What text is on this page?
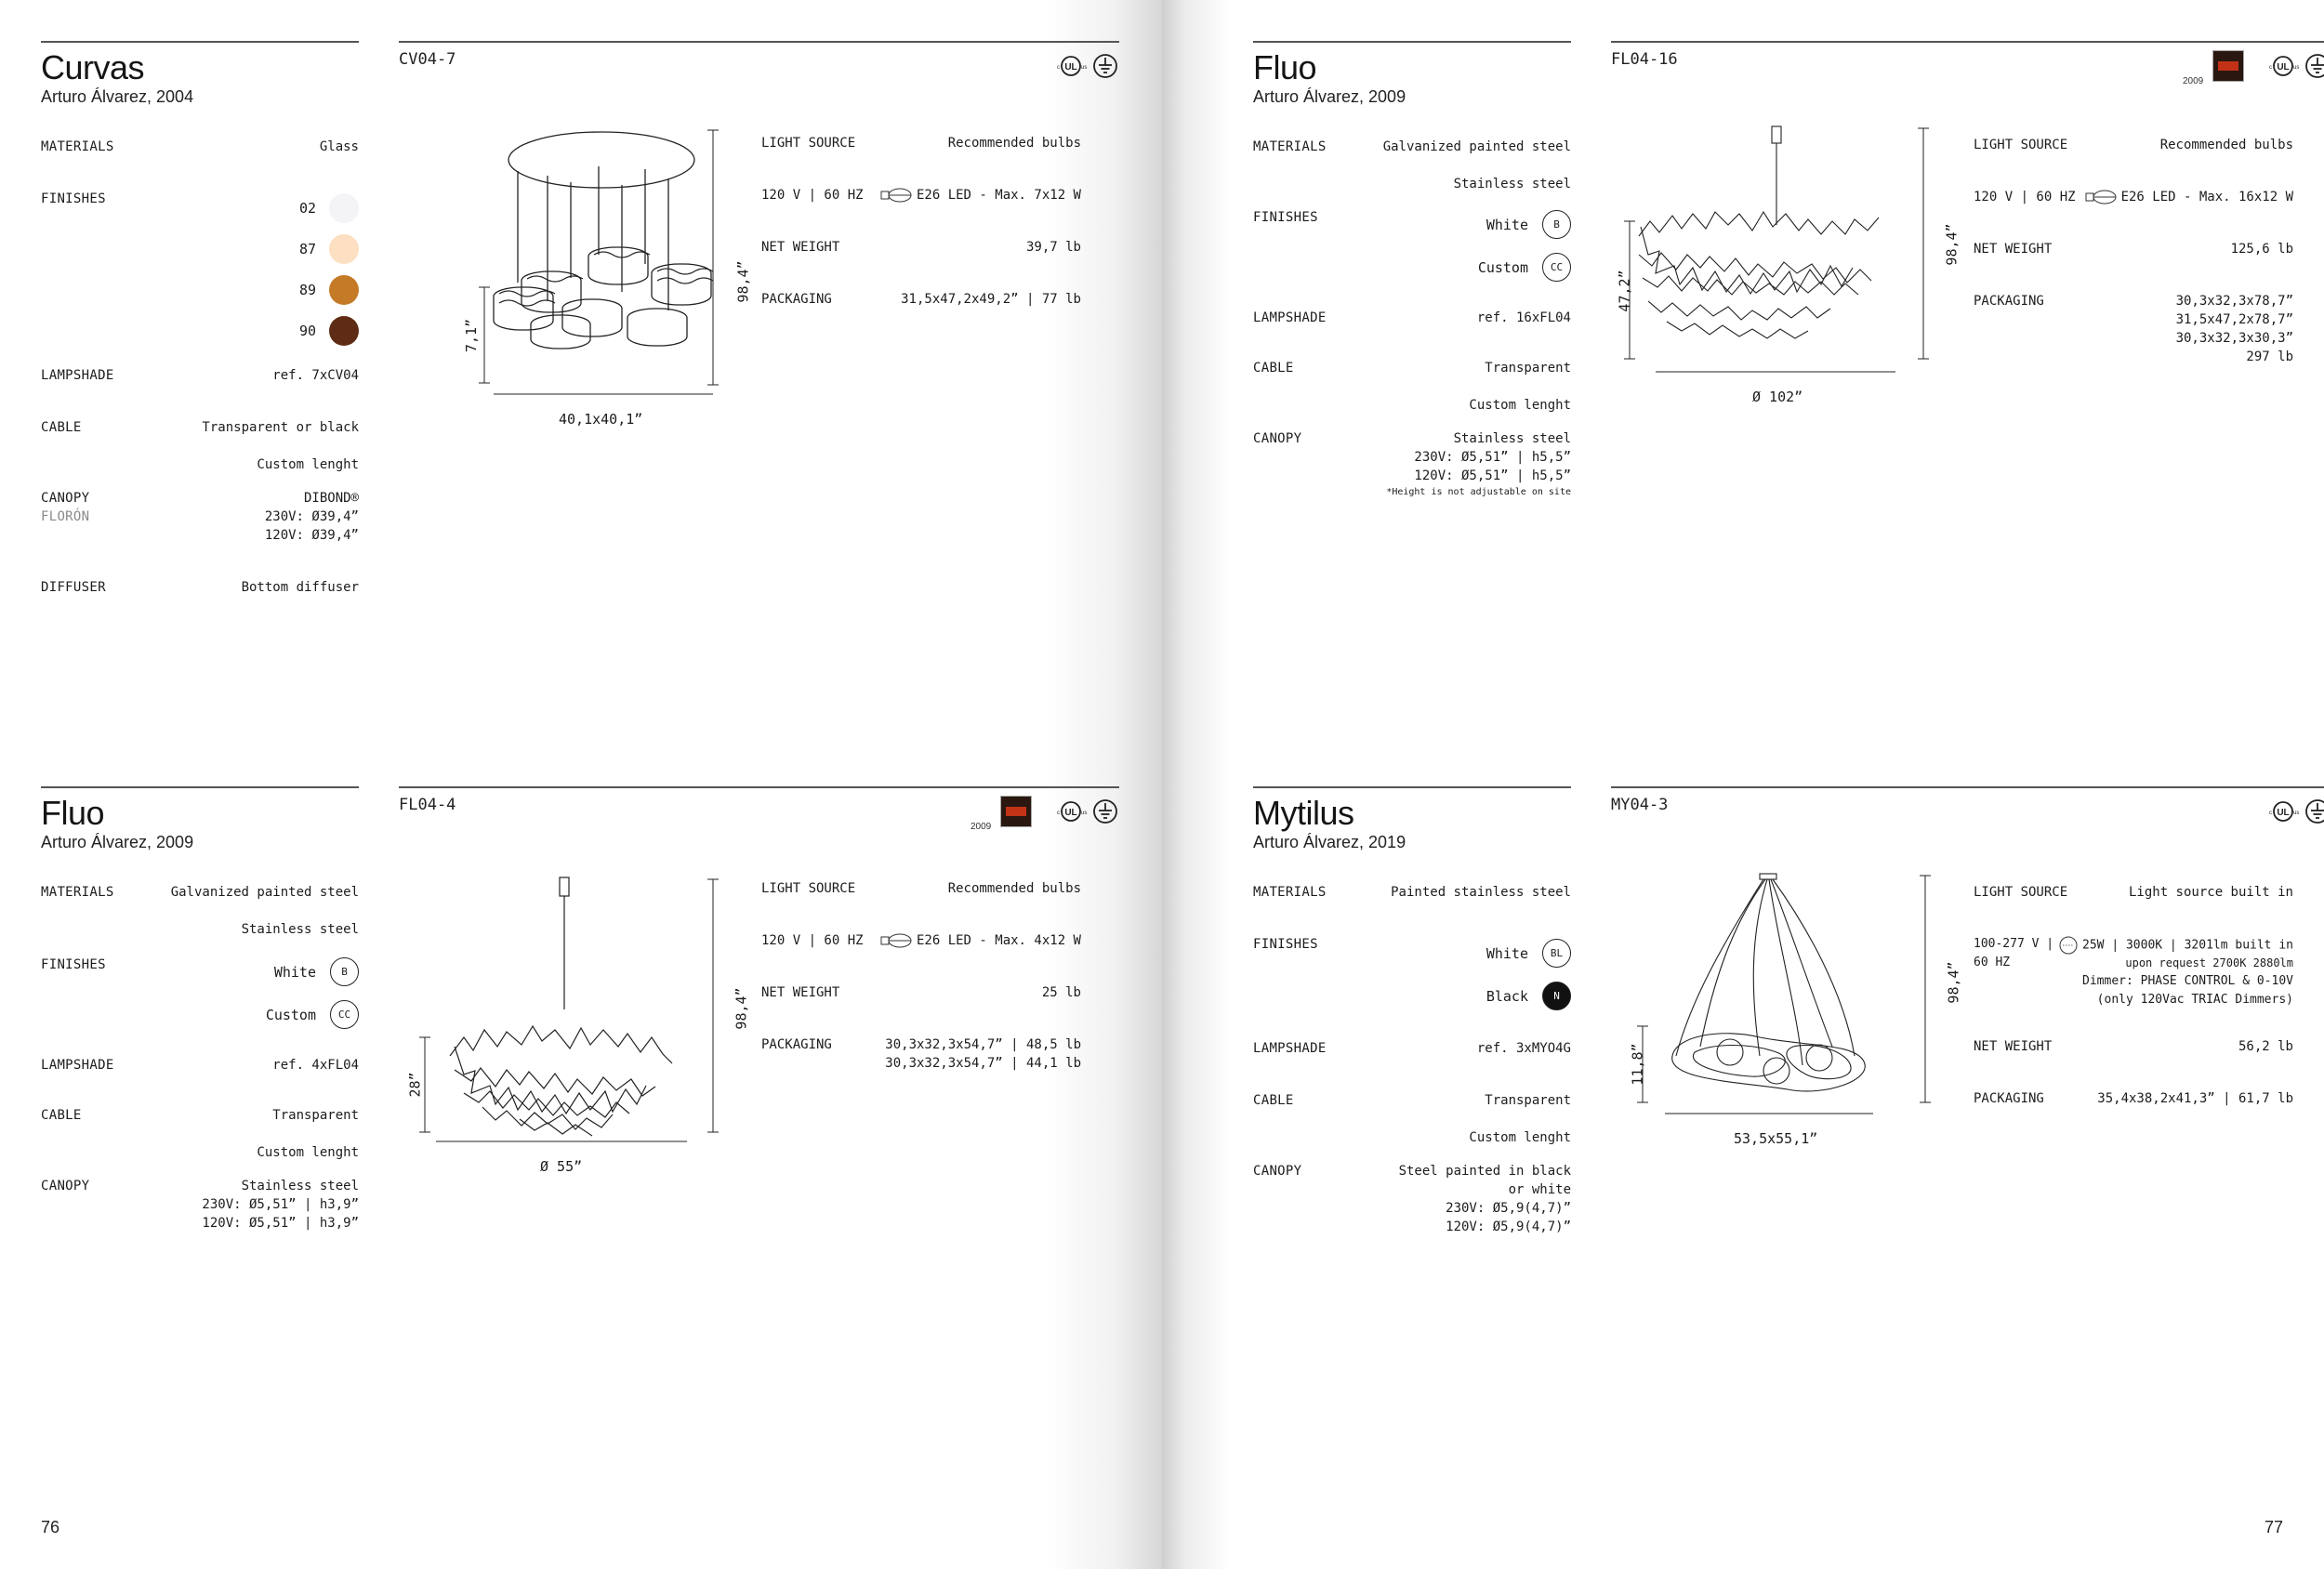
Curvas
Arturo Álvarez, 2004
CV04-7	UL
c	us
MATERIALS	Glass
FINISHES
02
87
89
90
LAMPSHADE	ref. 7xCV04
CABLE	Transparent or black
Custom lenght
CANOPY
FLORÓN
DIBOND®
230V: Ø39,4”
120V: Ø39,4”
DIFFUSER	Bottom diffuser
98,4”
7,1”
40,1x40,1”
LIGHT SOURCE	Recommended bulbs
120 V | 60 HZ	E26 LED - Max. 7x12 W
NET WEIGHT	39,7 lb
PACKAGING	31,5x47,2x49,2” | 77 lb
Fluo
Arturo Álvarez, 2009
FL04-4
2009
UL
c	us
MATERIALS	Galvanized painted steel
Stainless steel
FINISHES	White	B
Custom	CC
LAMPSHADE	ref. 4xFL04
CABLE	Transparent
Custom lenght
CANOPY	Stainless steel
230V: Ø5,51” | h3,9”
120V: Ø5,51” | h3,9”
98,4”
28”
Ø 55”
LIGHT SOURCE	Recommended bulbs
120 V | 60 HZ	E26 LED - Max. 4x12 W
NET WEIGHT	25 lb
PACKAGING	30,3x32,3x54,7” | 48,5 lb
30,3x32,3x54,7” | 44,1 lb
76
Fluo
Arturo Álvarez, 2009
FL04-16
2009
UL
c	us
MATERIALS	Galvanized painted steel
Stainless steel
FINISHES	White	B
Custom	CC
LAMPSHADE	ref. 16xFL04
CABLE	Transparent
Custom lenght
CANOPY	Stainless steel
230V: Ø5,51” | h5,5”
120V: Ø5,51” | h5,5”
*Height is not adjustable on site
98,4”
47,2”
Ø 102”
LIGHT SOURCE	Recommended bulbs
120 V | 60 HZ	E26 LED - Max. 16x12 W
NET WEIGHT	125,6 lb
PACKAGING	30,3x32,3x78,7”
31,5x47,2x78,7”
30,3x32,3x30,3”
297 lb
Mytilus
Arturo Álvarez, 2019
MY04-3	UL
c	us
MATERIALS	Painted stainless steel
FINISHES
White	BL
Black	N
LAMPSHADE	ref. 3xMYO4G
CABLE	Transparent
Custom lenght
CANOPY	Steel painted in black
or white
230V: Ø5,9(4,7)”
120V: Ø5,9(4,7)”
98,4”
11,8”
53,5x55,1”
LIGHT SOURCE	Light source built in
100-277 V |
60 HZ
25W | 3000K | 3201lm built in
upon request 2700K 2880lm
Dimmer: PHASE CONTROL & 0-10V
(only 120Vac TRIAC Dimmers)
NET WEIGHT	56,2 lb
PACKAGING	35,4x38,2x41,3” | 61,7 lb
77
